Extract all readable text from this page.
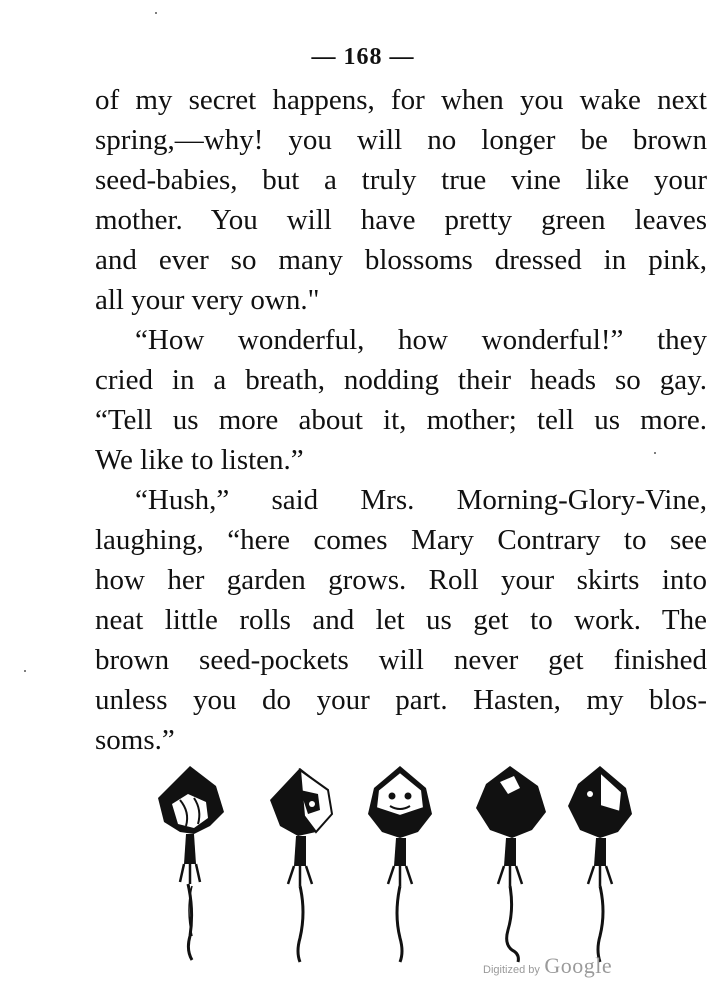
— 168 —
of my secret happens, for when you wake next
spring,—why! you will no longer be brown
seed-babies, but a truly true vine like your
mother. You will have pretty green leaves
and ever so many blossoms dressed in pink,
all your very own."
“How wonderful, how wonderful!” they
cried in a breath, nodding their heads so gay.
“Tell us more about it, mother; tell us more.
We like to listen.”
“Hush,” said Mrs. Morning-Glory-Vine,
laughing, “here comes Mary Contrary to see
how her garden grows. Roll your skirts into
neat little rolls and let us get to work. The
brown seed-pockets will never get finished
unless you do your part. Hasten, my blos-
soms.”
Digitized by Google
